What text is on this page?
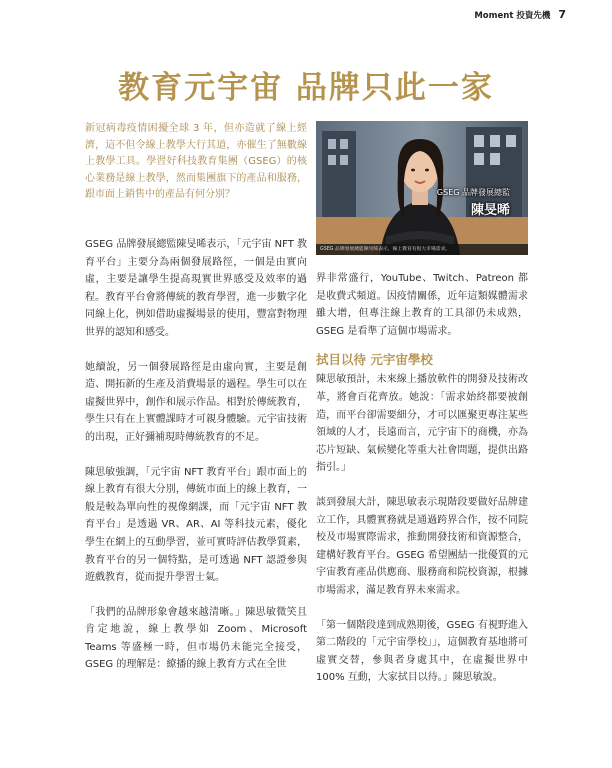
Moment 投資先機 7
教育元宇宙 品牌只此一家
新冠病毒疫情困擾全球 3 年，但亦造就了線上經濟，這不但令線上教學大行其道，亦催生了無數線上教學工具。學習好科技教育集團（GSEG）的核心業務是線上教學，然而集團旗下的產品和服務，跟市面上銷售中的產品有何分別？	GSEG 品牌發展總監
陳旻晞
GSEG 品牌發展總監陳旻晞表示，線上教育有很大市場需求。

GSEG 品牌發展總監陳旻晞表示，「元宇宙 NFT 教育平台」主要分為兩個發展路徑，一個是由實向虛，主要是讓學生提高現實世界感受及效率的過程。教育平台會將傳統的教育學習，進一步數字化同線上化，例如借助虛擬場景的使用，豐富對物理世界的認知和感受。

她續說，另一個發展路徑是由虛向實，主要是創造、開拓新的生產及消費場景的過程。學生可以在虛擬世界中，創作和展示作品。相對於傳統教育，學生只有在上實體課時才可親身體驗。元宇宙技術的出現，正好彌補現時傳統教育的不足。

陳思敏強調，「元宇宙 NFT 教育平台」跟市面上的線上教育有很大分別，傳統市面上的線上教育，一般是較為單向性的視像網課，而「元宇宙 NFT 教育平台」是透過 VR、AR、AI 等科技元素，優化學生在網上的互動學習，並可實時評估教學質素，教育平台的另一個特點，是可透過 NFT 認證參與遊戲教育，從而提升學習士氣。

「我們的品牌形象會越來越清晰。」陳思敏微笑且肯定地說，線上教學如 Zoom、Microsoft Teams 等盛極一時，但市場仍未能完全接受，GSEG 的理解是：繚播的線上教育方式在全世

界非常盛行，YouTube、Twitch、Patreon 都是收費式頻道。因疫情關係，近年這類媒體需求雖大增，但專注線上教育的工具卻仍未成熟，GSEG 是看準了這個市場需求。

拭目以待 元宇宙學校

陳思敏預計，未來線上播放軟件的開發及技術改革，將會百花齊放。她說：「需求始終都要被創造，而平台卻需要細分，才可以匯聚更專注某些領域的人才，長遠而言，元宇宙下的商機，亦為芯片短缺、氣候變化等重大社會問題，提供出路指引。」

談到發展大計，陳思敏表示現階段要做好品牌建立工作，具體實務就是通過跨界合作，按不同院校及市場實際需求，推動開發技術和資源整合，建構好教育平台。GSEG 希望團結一批優質的元宇宙教育產品供應商、服務商和院校資源，根據市場需求，滿足教育界未來需求。

「第一個階段達到成熟期後，GSEG 有視野進入第二階段的「元宇宙學校」」，這個教育基地將可虛實交替，參與者身處其中，在虛擬世界中 100% 互動，大家拭目以待。」陳思敏說。
